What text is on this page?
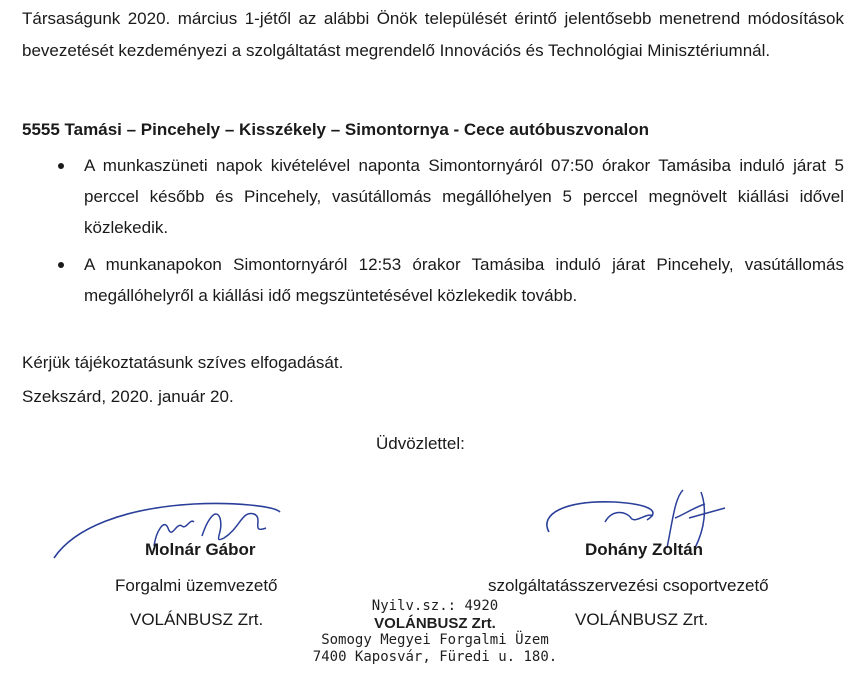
Társaságunk 2020. március 1-jétől az alábbi Önök települését érintő jelentősebb menetrend módosítások bevezetését kezdeményezi a szolgáltatást megrendelő Innovációs és Technológiai Minisztériumnál.

5555 Tamási – Pincehely – Kisszékely – Simontornya - Cece autóbuszvonalon

A munkaszüneti napok kivételével naponta Simontornyáról 07:50 órakor Tamásiba induló járat 5 perccel később és Pincehely, vasútállomás megállóhelyen 5 perccel megnövelt kiállási idővel közlekedik.
A munkanapokon Simontornyáról 12:53 órakor Tamásiba induló járat Pincehely, vasútállomás megállóhelyről a kiállási idő megszüntetésével közlekedik tovább.

Kérjük tájékoztatásunk szíves elfogadását.

Szekszárd, 2020. január 20.

Üdvözlettel:

Molnár Gábor

Forgalmi üzemvezető

VOLÁNBUSZ Zrt.

Dohány Zoltán

szolgáltatásszervezési csoportvezető

VOLÁNBUSZ Zrt.

Nyilv.sz.: 4920
VOLÁNBUSZ Zrt.
Somogy Megyei Forgalmi Üzem
7400 Kaposvár, Füredi u. 180.
